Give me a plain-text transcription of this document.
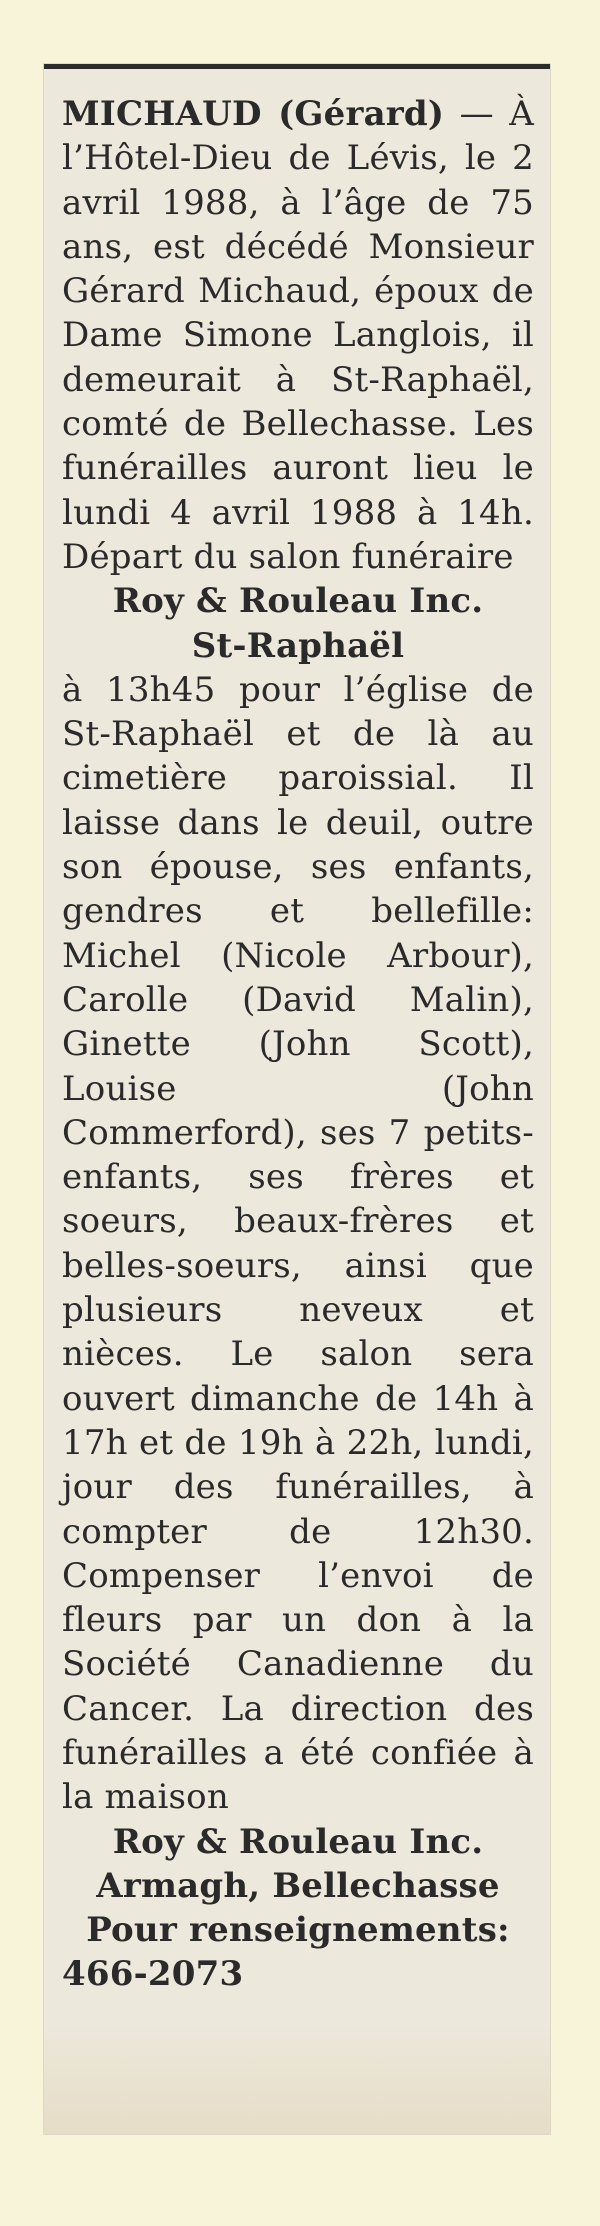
MICHAUD (Gérard) — À l’Hôtel-Dieu de Lévis, le 2 avril 1988, à l’âge de 75 ans, est décédé Monsieur Gérard Michaud, époux de Dame Simone Langlois, il demeurait à St-Raphaël, comté de Bellechasse. Les funérailles auront lieu le lundi 4 avril 1988 à 14h. Départ du salon funéraire

Roy & Rouleau Inc.

St-Raphaël

à 13h45 pour l’église de St-Raphaël et de là au cimetière paroissial. Il laisse dans le deuil, outre son épouse, ses enfants, gendres et bellefille: Michel (Nicole Arbour), Carolle (David Malin), Ginette (John Scott), Louise (John Commerford), ses 7 petits-enfants, ses frères et soeurs, beaux-frères et belles-soeurs, ainsi que plusieurs neveux et nièces. Le salon sera ouvert dimanche de 14h à 17h et de 19h à 22h, lundi, jour des funérailles, à compter de 12h30. Compenser l’envoi de fleurs par un don à la Société Canadienne du Cancer. La direction des funérailles a été confiée à la maison

Roy & Rouleau Inc.

Armagh, Bellechasse

Pour renseignements:

466-2073
